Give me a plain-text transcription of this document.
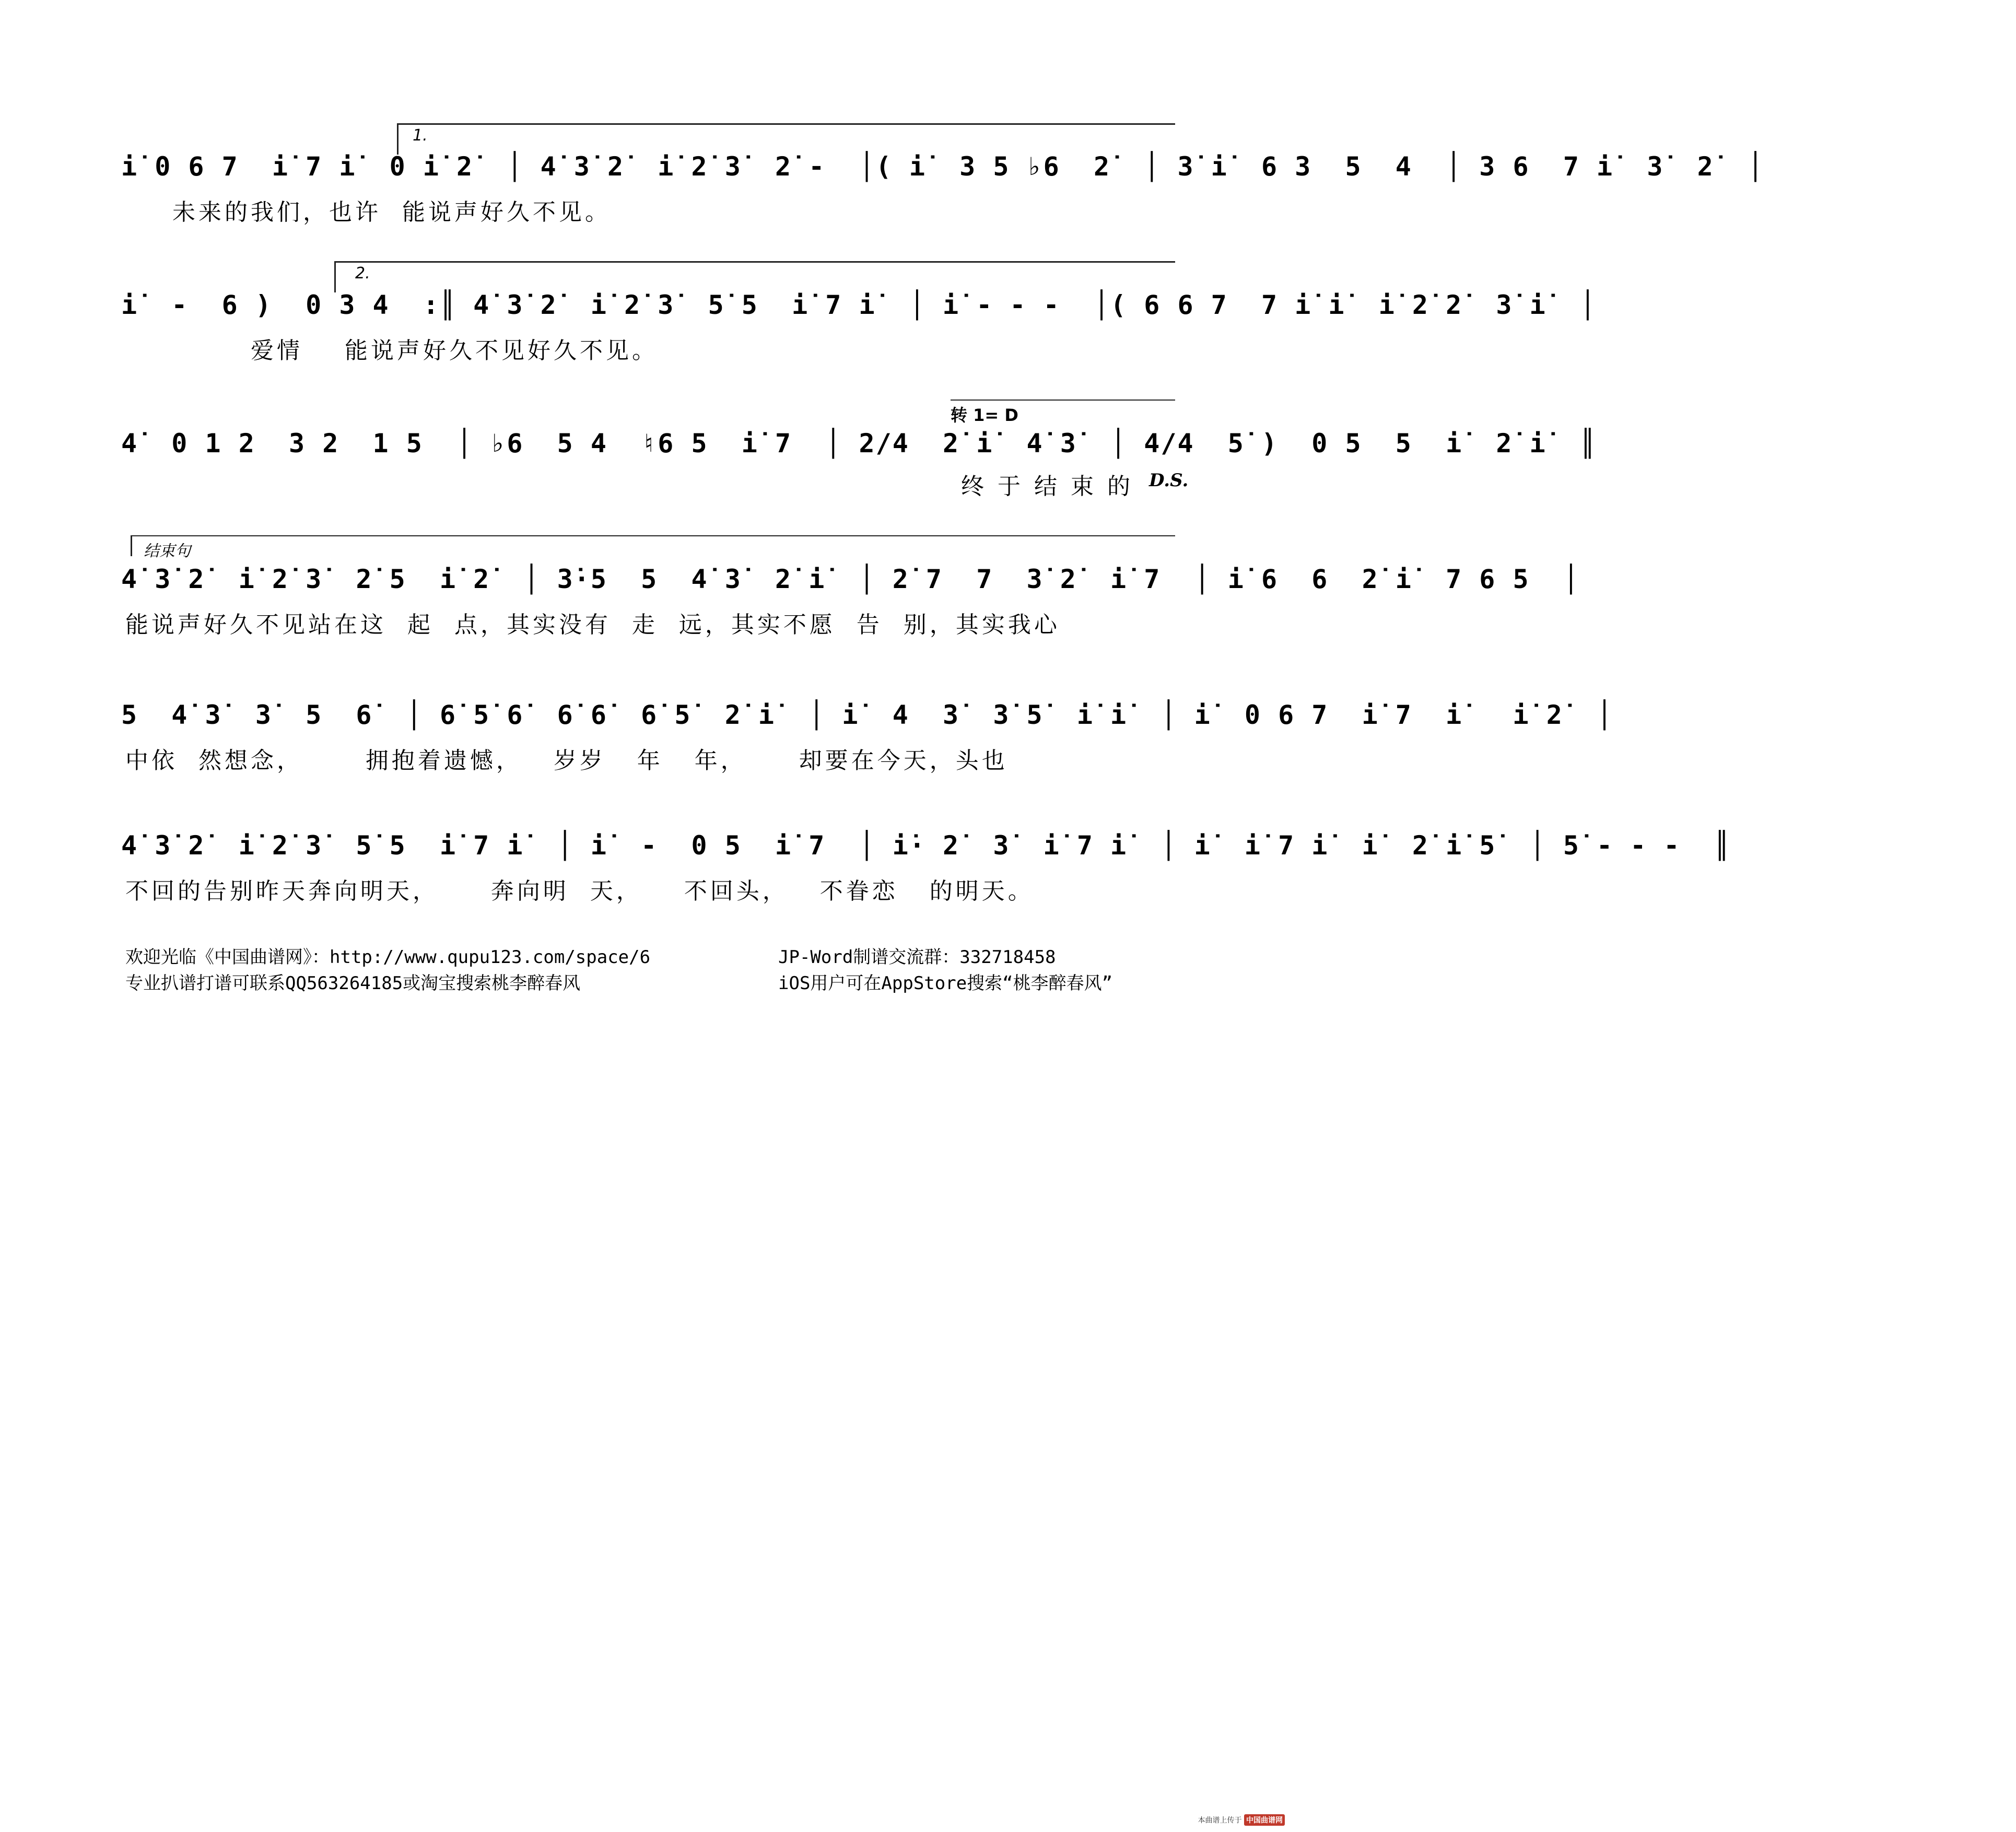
1.
i̇ 0 6 7  i̇ 7 i̇  0 i̇ 2̇  │ 4̇ 3̇ 2̇  i̇ 2̇ 3̇  2̇ -  │( i̇  3 5 ♭6  2̇  │ 3̇ i̇  6 3  5  4  │ 3 6  7 i̇  3̇  2̇  │
未来的我们，也许  能说声好久不见。
2.
i̇  -  6 )  0 3 4  :║ 4̇ 3̇ 2̇  i̇ 2̇ 3̇  5̇ 5  i̇ 7 i̇  │ i̇ - - -  │( 6 6 7  7 i̇ i̇  i̇ 2̇ 2̇  3̇ i̇  │
爱情    能说声好久不见好久不见。
转 1= D
4̇  0 1 2  3 2  1 5  │ ♭6  5 4  ♮6 5  i̇ 7  │ 2/4  2̇ i̇  4̇ 3̇  │ 4/4  5̇ )  0 5  5  i̇  2̇ i̇  ║
终 于 结 束 的 D.S.
结束句
4̇ 3̇ 2̇  i̇ 2̇ 3̇  2̇ 5  i̇ 2̇  │ 3̇·5  5  4̇ 3̇  2̇ i̇  │ 2̇ 7  7  3̇ 2̇  i̇ 7  │ i̇ 6  6  2̇ i̇  7 6 5  │
能说声好久不见站在这  起  点，其实没有  走  远，其实不愿  告  别，其实我心
5  4̇ 3̇  3̇  5  6̇  │ 6̇ 5̇ 6̇  6̇ 6̇  6̇ 5̇  2̇ i̇  │ i̇  4  3̇  3̇ 5̇  i̇ i̇  │ i̇  0 6 7  i̇ 7  i̇   i̇ 2̇  │
中依  然想念，      拥抱着遗憾，   岁岁   年   年，     却要在今天，头也
4̇ 3̇ 2̇  i̇ 2̇ 3̇  5̇ 5  i̇ 7 i̇  │ i̇  -  0 5  i̇ 7  │ i̇· 2̇  3̇  i̇ 7 i̇  │ i̇  i̇ 7 i̇  i̇  2̇ i̇ 5̇  │ 5̇ - - -  ║
不回的告别昨天奔向明天，     奔向明  天，    不回头，   不眷恋   的明天。
欢迎光临《中国曲谱网》：http://www.qupu123.com/space/6	JP-Word制谱交流群：332718458
专业扒谱打谱可联系QQ563264185或淘宝搜索桃李醉春风	iOS用户可在AppStore搜索“桃李醉春风”
本曲谱上传于 中国曲谱网
